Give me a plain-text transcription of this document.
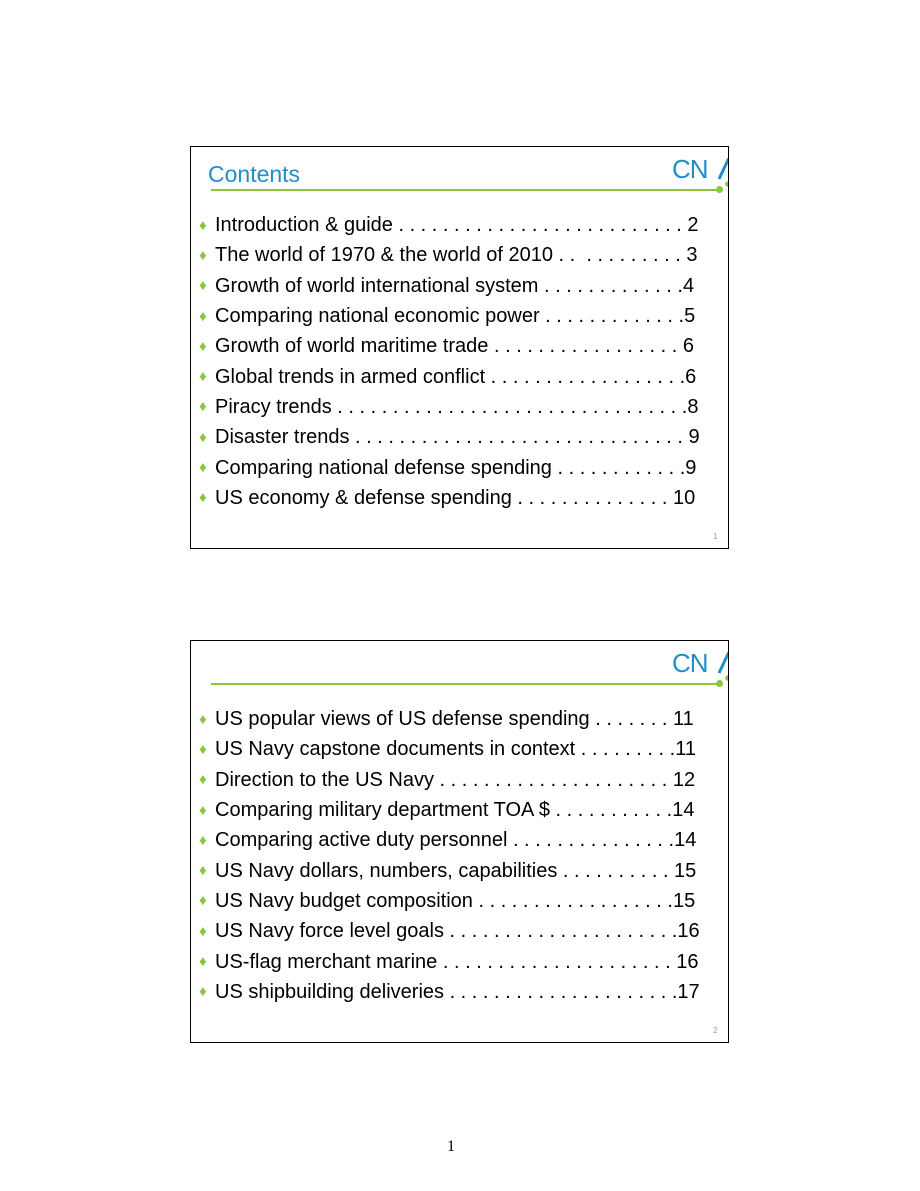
Contents	CN
♦ Introduction & guide . . . . . . . . . . . . . . . . . . . . . . . . . . 2
♦ The world of 1970 & the world of 2010 . .  . . . . . . . . . 3
♦ Growth of world international system . . . . . . . . . . . . .4
♦ Comparing national economic power . . . . . . . . . . . . .5
♦ Growth of world maritime trade . . . . . . . . . . . . . . . . . 6
♦ Global trends in armed conflict . . . . . . . . . . . . . . . . . .6
♦ Piracy trends . . . . . . . . . . . . . . . . . . . . . . . . . . . . . . . .8
♦ Disaster trends . . . . . . . . . . . . . . . . . . . . . . . . . . . . . . 9
♦ Comparing national defense spending . . . . . . . . . . . .9
♦ US economy & defense spending . . . . . . . . . . . . . . 10
1
CN
♦ US popular views of US defense spending . . . . . . . 11
♦ US Navy capstone documents in context . . . . . . . . .11
♦ Direction to the US Navy . . . . . . . . . . . . . . . . . . . . . 12
♦ Comparing military department TOA $ . . . . . . . . . . .14
♦ Comparing active duty personnel . . . . . . . . . . . . . . .14
♦ US Navy dollars, numbers, capabilities . . . . . . . . . . 15
♦ US Navy budget composition . . . . . . . . . . . . . . . . . .15
♦ US Navy force level goals . . . . . . . . . . . . . . . . . . . . .16
♦ US-flag merchant marine . . . . . . . . . . . . . . . . . . . . . 16
♦ US shipbuilding deliveries . . . . . . . . . . . . . . . . . . . . .17
2
1
